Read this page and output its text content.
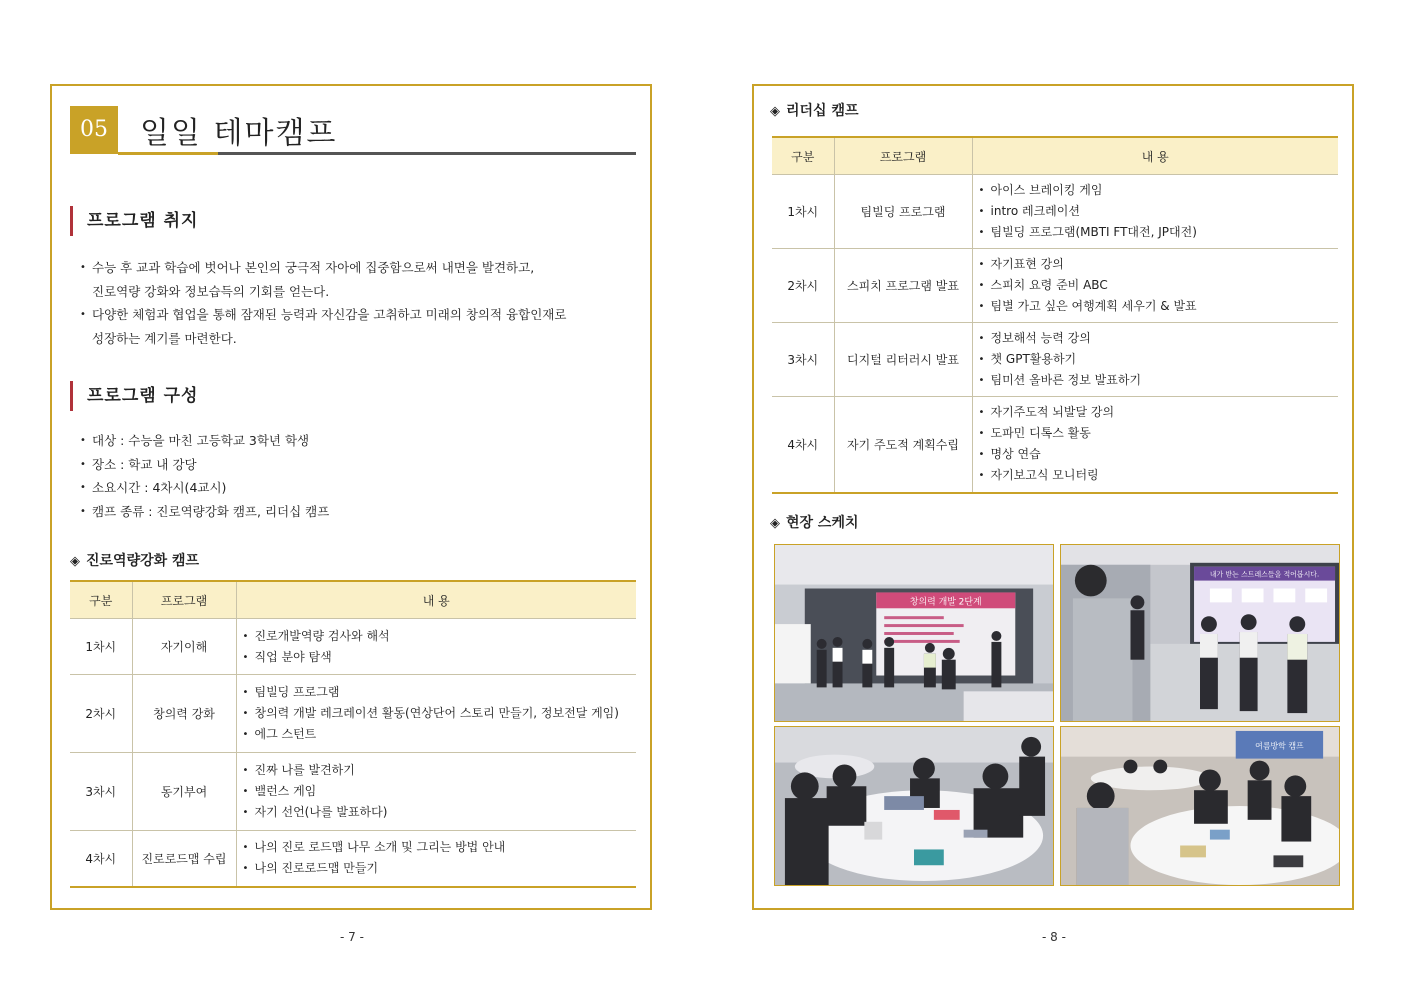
05	일일 테마캠프
프로그램 취지
• 수능 후 교과 학습에 벗어나 본인의 궁극적 자아에 집중함으로써 내면을 발견하고,
진로역량 강화와 정보습득의 기회를 얻는다.
• 다양한 체험과 협업을 통해 잠재된 능력과 자신감을 고취하고 미래의 창의적 융합인재로
성장하는 계기를 마련한다.
프로그램 구성
• 대상 : 수능을 마친 고등학교 3학년 학생
• 장소 : 학교 내 강당
• 소요시간 : 4차시(4교시)
• 캠프 종류 : 진로역량강화 캠프, 리더십 캠프
◈ 진로역량강화 캠프
구분	프로그램	내 용
1차시	자기이해	• 진로개발역량 검사와 해석
• 직업 분야 탐색

2차시	창의력 강화	• 팀빌딩 프로그램
• 창의력 개발 레크레이션 활동(연상단어 스토리 만들기, 정보전달 게임)
• 에그 스턴트

3차시	동기부여	• 진짜 나를 발견하기
• 밸런스 게임
• 자기 선언(나를 발표하다)

4차시	진로로드맵 수립	• 나의 진로 로드맵 나무 소개 및 그리는 방법 안내
• 나의 진로로드맵 만들기
- 7 -
◈ 리더십 캠프
구분	프로그램	내 용
1차시	팀빌딩 프로그램	• 아이스 브레이킹 게임
• intro 레크레이션
• 팀빌딩 프로그램(MBTI FT대전, JP대전)

2차시	스피치 프로그램 발표	• 자기표현 강의
• 스피치 요령 준비 ABC
• 팀별 가고 싶은 여행계획 세우기 & 발표

3차시	디지털 리터러시 발표	• 정보해석 능력 강의
• 챗 GPT활용하기
• 팀미션 올바른 정보 발표하기

4차시	자기 주도적 계획수립	• 자기주도적 뇌발달 강의
• 도파민 디톡스 활동
• 명상 연습
• 자기보고식 모니터링
◈ 현장 스케치
창의력 개발 2단계
내가 받는 스트레스들을 적어봅시다.
여름방학 캠프
- 8 -
